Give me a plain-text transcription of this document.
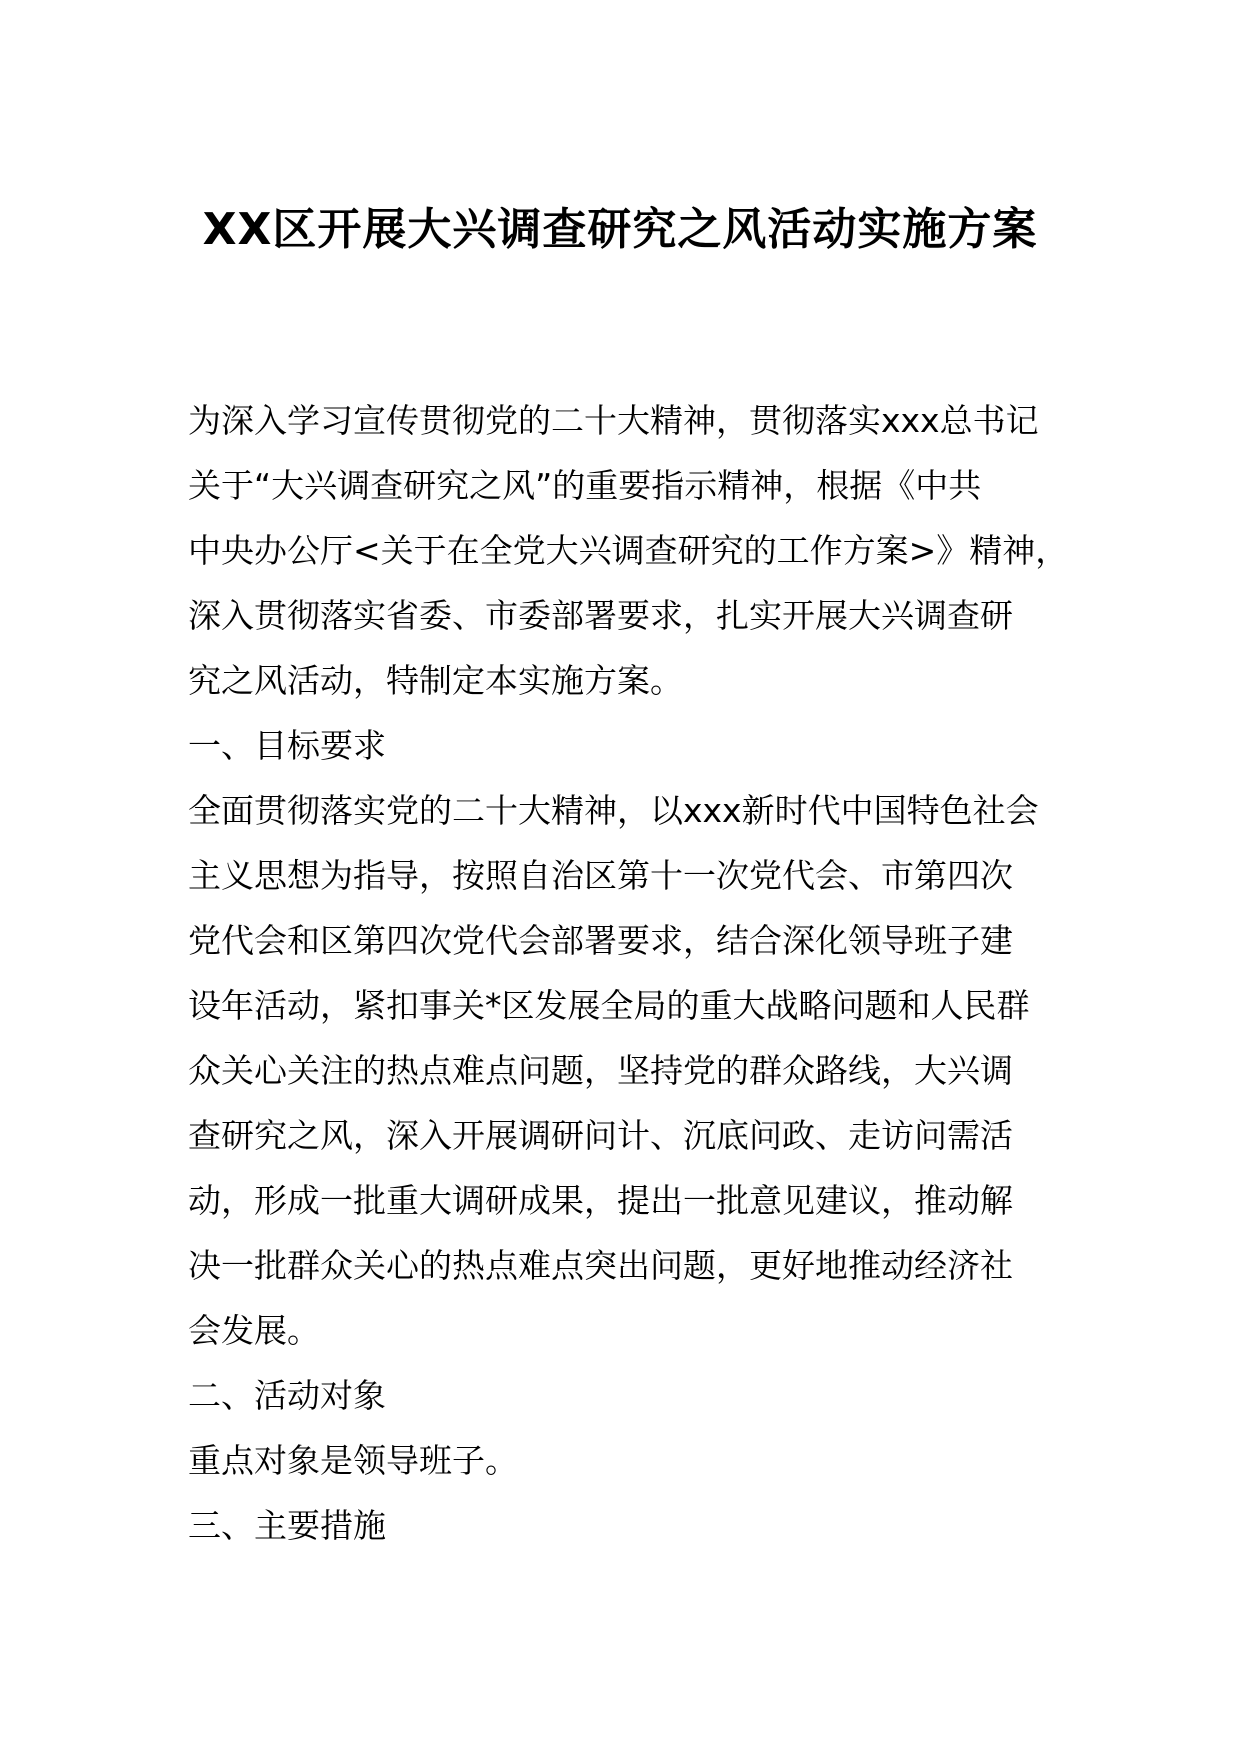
XX区开展大兴调查研究之风活动实施方案
为深入学习宣传贯彻党的二十大精神，贯彻落实xxx总书记
关于“大兴调查研究之风”的重要指示精神，根据《中共
中央办公厅<关于在全党大兴调查研究的工作方案>》精神，
深入贯彻落实省委、市委部署要求，扎实开展大兴调查研
究之风活动，特制定本实施方案。
一、目标要求
全面贯彻落实党的二十大精神，以xxx新时代中国特色社会
主义思想为指导，按照自治区第十一次党代会、市第四次
党代会和区第四次党代会部署要求，结合深化领导班子建
设年活动，紧扣事关*区发展全局的重大战略问题和人民群
众关心关注的热点难点问题，坚持党的群众路线，大兴调
查研究之风，深入开展调研问计、沉底问政、走访问需活
动，形成一批重大调研成果，提出一批意见建议，推动解
决一批群众关心的热点难点突出问题，更好地推动经济社
会发展。
二、活动对象
重点对象是领导班子。
三、主要措施
